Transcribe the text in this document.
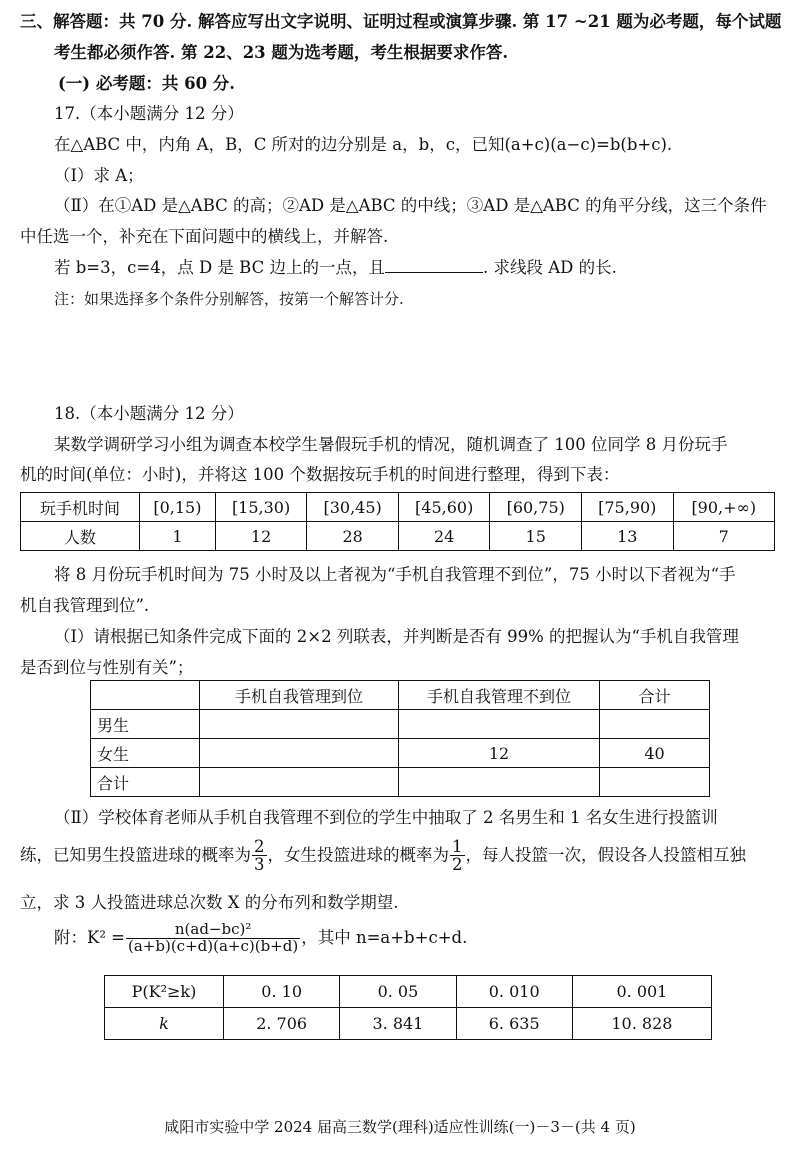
三、解答题：共 70 分. 解答应写出文字说明、证明过程或演算步骤. 第 17 ~21 题为必考题，每个试题
考生都必须作答. 第 22、23 题为选考题，考生根据要求作答.
(一) 必考题：共 60 分.
17.（本小题满分 12 分）
在△ABC 中，内角 A，B，C 所对的边分别是 a，b，c，已知(a+c)(a−c)=b(b+c).
（Ⅰ）求 A；
（Ⅱ）在①AD 是△ABC 的高；②AD 是△ABC 的中线；③AD 是△ABC 的角平分线，这三个条件
中任选一个，补充在下面问题中的横线上，并解答.
若 b=3，c=4，点 D 是 BC 边上的一点，且	. 求线段 AD 的长.
注：如果选择多个条件分别解答，按第一个解答计分.
18.（本小题满分 12 分）
某数学调研学习小组为调查本校学生暑假玩手机的情况，随机调查了 100 位同学 8 月份玩手
机的时间(单位：小时)，并将这 100 个数据按玩手机的时间进行整理，得到下表：
玩手机时间	[0,15)	[15,30)	[30,45)	[45,60)	[60,75)	[75,90)	[90,+∞)
人数	1	12	28	24	15	13	7
将 8 月份玩手机时间为 75 小时及以上者视为“手机自我管理不到位”，75 小时以下者视为“手
机自我管理到位”.
（Ⅰ）请根据已知条件完成下面的 2×2 列联表，并判断是否有 99% 的把握认为“手机自我管理
是否到位与性别有关”；
	手机自我管理到位	手机自我管理不到位	合计
男生			
女生		12	40
合计			
（Ⅱ）学校体育老师从手机自我管理不到位的学生中抽取了 2 名男生和 1 名女生进行投篮训
练，已知男生投篮进球的概率为 $\frac{2}{3}$ ，女生投篮进球的概率为 $\frac{1}{2}$ ，每人投篮一次，假设各人投篮相互独
立，求 3 人投篮进球总次数 X 的分布列和数学期望.
附：$K^2 = \frac{\text{n(ad−bc)²}}{(a+b)(c+d)(a+c)(b+d)}$ ，其中 n=a+b+c+d.
P(K²≥k)	0. 10	0. 05	0. 010	0. 001
k	2. 706	3. 841	6. 635	10. 828
咸阳市实验中学 2024 届高三数学(理科)适应性训练(一)－3－(共 4 页)
